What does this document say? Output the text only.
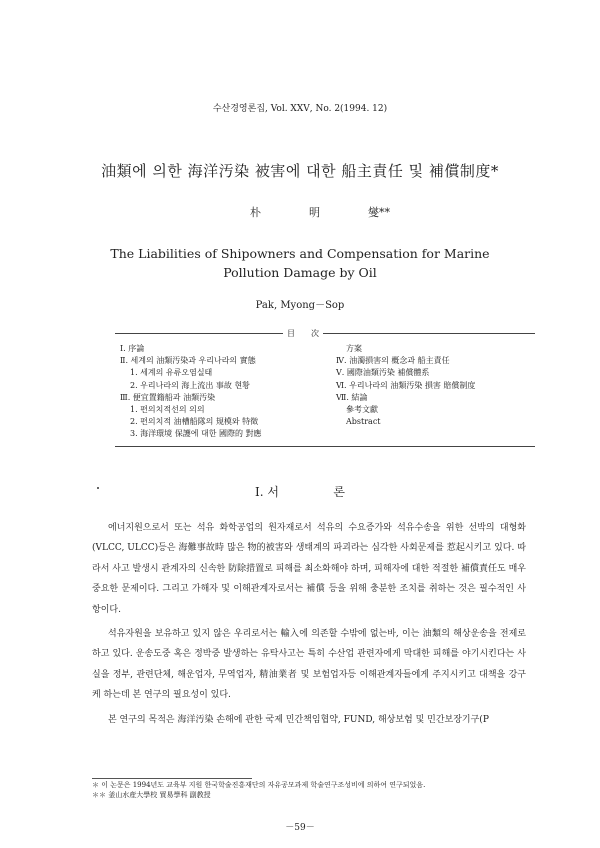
수산경영론집, Vol. XXⅤ, No. 2(1994. 12)
油類에 의한 海洋汚染 被害에 대한 船主責任 및 補償制度*
朴	明	燮**
The Liabilities of Shipowners and Compensation for Marine
Pollution Damage by Oil
Pak, Myong－Sop
目　　次
Ⅰ. 序論
Ⅱ. 세계의 油類汚染과 우리나라의 實態
1. 세계의 유류오염실태
2. 우리나라의 海上流出 事故 현황
Ⅲ. 便宜置籍船과 油類汚染
1. 편의치적선의 의의
2. 편의치적 油槽船隊의 規模와 特徵
3. 海洋環境 保護에 대한 國際的 對應
方案
Ⅳ. 油濁損害의 概念과 船主責任
Ⅴ. 國際油類汚染 補償體系
Ⅵ. 우리나라의 油類汚染 損害 賠償制度
Ⅶ. 結論
參考文獻
Abstract
Ⅰ. 서	론

에너지원으로서 또는 석유 화학공업의 원자재로서 석유의 수요증가와 석유수송을 위한 선박의 대형화(VLCC, ULCC)등은 海難事故時 많은 物的被害와 생태계의 파괴라는 심각한 사회문제를 惹起시키고 있다. 따라서 사고 발생시 관계자의 신속한 防除措置로 피해를 최소화해야 하며, 피해자에 대한 적절한 補償責任도 매우 중요한 문제이다. 그리고 가해자 및 이해관계자로서는 補償 등을 위해 충분한 조치를 취하는 것은 필수적인 사항이다.

석유자원을 보유하고 있지 않은 우리로서는 輸入에 의존할 수밖에 없는바, 이는 油類의 해상운송을 전제로 하고 있다. 운송도중 혹은 정박중 발생하는 유탁사고는 특히 수산업 관련자에게 막대한 피해를 야기시킨다는 사실을 정부, 관련단체, 해운업자, 무역업자, 精油業者 및 보험업자등 이해관계자들에게 주지시키고 대책을 강구케 하는데 본 연구의 필요성이 있다.

본 연구의 목적은 海洋汚染 손해에 관한 국제 민간책임협약, FUND, 해상보험 및 민간보장기구(P

＊ 이 논문은 1994년도 교육부 지원 한국학술진흥재단의 자유공모과제 학술연구조성비에 의하여 연구되었음.
＊＊ 釜山水産大學校 貿易學科 副教授
－59－
